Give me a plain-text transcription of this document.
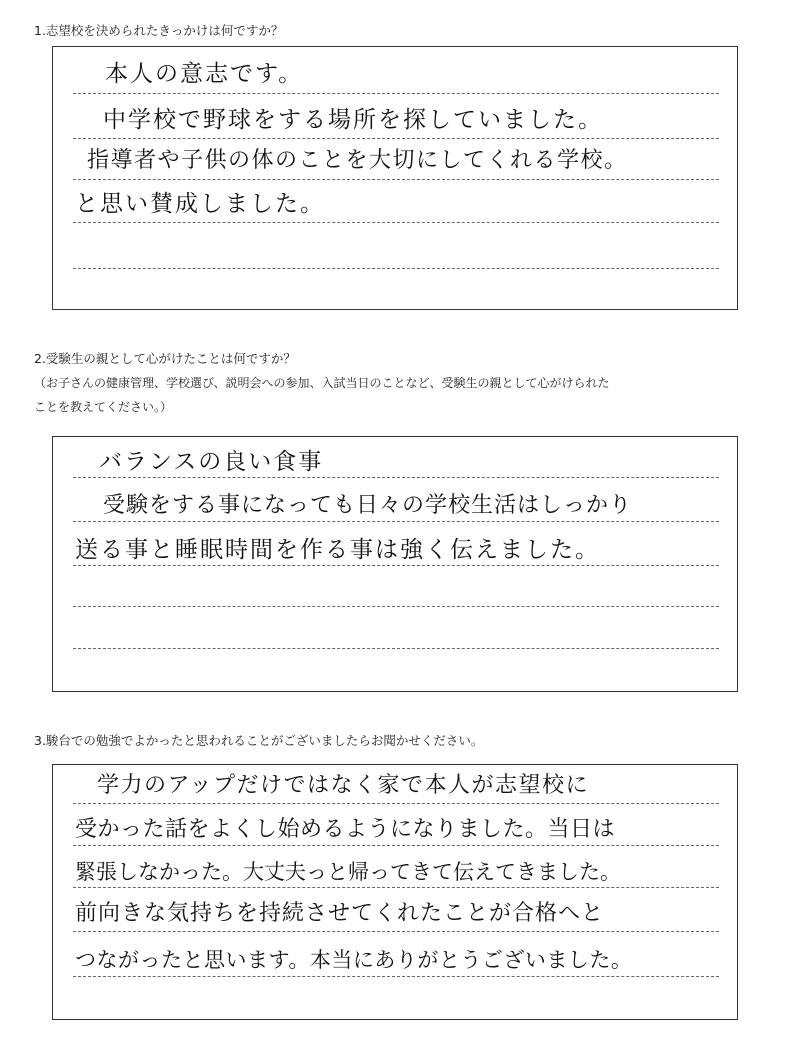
1.志望校を決められたきっかけは何ですか？
本人の意志です。
中学校で野球をする場所を探していました。
指導者や子供の体のことを大切にしてくれる学校。
と思い賛成しました。
2.受験生の親として心がけたことは何ですか？
（お子さんの健康管理、学校選び、説明会への参加、入試当日のことなど、受験生の親として心がけられた
ことを教えてください。）
バランスの良い食事
受験をする事になっても日々の学校生活はしっかり
送る事と睡眠時間を作る事は強く伝えました。
3.駿台での勉強でよかったと思われることがございましたらお聞かせください。
学力のアップだけではなく家で本人が志望校に
受かった話をよくし始めるようになりました。当日は
緊張しなかった。大丈夫っと帰ってきて伝えてきました。
前向きな気持ちを持続させてくれたことが合格へと
つながったと思います。本当にありがとうございました。
